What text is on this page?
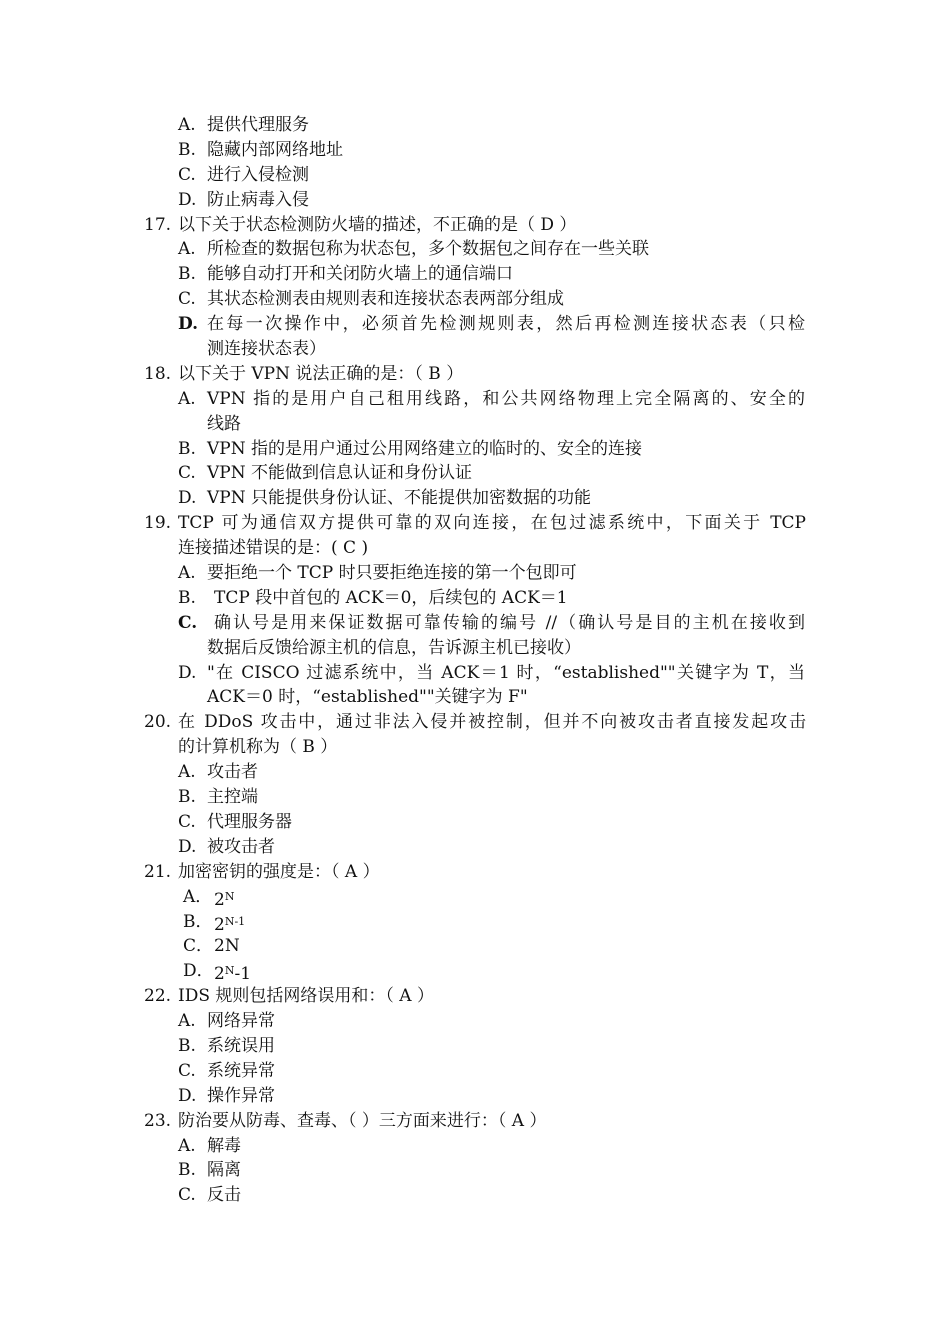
A. 提供代理服务
B. 隐藏内部网络地址
C. 进行入侵检测
D. 防止病毒入侵
17. 以下关于状态检测防火墙的描述，不正确的是（ D ）
A. 所检查的数据包称为状态包，多个数据包之间存在一些关联
B. 能够自动打开和关闭防火墙上的通信端口
C. 其状态检测表由规则表和连接状态表两部分组成
D. 在每一次操作中，必须首先检测规则表，然后再检测连接状态表（只检
测连接状态表）
18. 以下关于 VPN 说法正确的是：（ B ）
A. VPN 指的是用户自己租用线路，和公共网络物理上完全隔离的、安全的
线路
B. VPN 指的是用户通过公用网络建立的临时的、安全的连接
C. VPN 不能做到信息认证和身份认证
D. VPN 只能提供身份认证、不能提供加密数据的功能
19. TCP 可为通信双方提供可靠的双向连接，在包过滤系统中，下面关于 TCP
连接描述错误的是：( C )
A. 要拒绝一个 TCP 时只要拒绝连接的第一个包即可
B. TCP 段中首包的 ACK＝0，后续包的 ACK＝1
C. 确认号是用来保证数据可靠传输的编号 //（确认号是目的主机在接收到
数据后反馈给源主机的信息，告诉源主机已接收）
D. "在 CISCO 过滤系统中，当 ACK＝1 时，“established""关键字为 T，当
ACK＝0 时，“established""关键字为 F"
20. 在 DDoS 攻击中，通过非法入侵并被控制，但并不向被攻击者直接发起攻击
的计算机称为（ B ）
A. 攻击者
B. 主控端
C. 代理服务器
D. 被攻击者
21. 加密密钥的强度是：（ A ）
A． $2^N$
B． $2^{N-1}$
C． 2N
D． $2^N-1$
22. IDS 规则包括网络误用和：（ A ）
A. 网络异常
B. 系统误用
C. 系统异常
D. 操作异常
23. 防治要从防毒、查毒、（ ）三方面来进行：（ A ）
A. 解毒
B. 隔离
C. 反击
